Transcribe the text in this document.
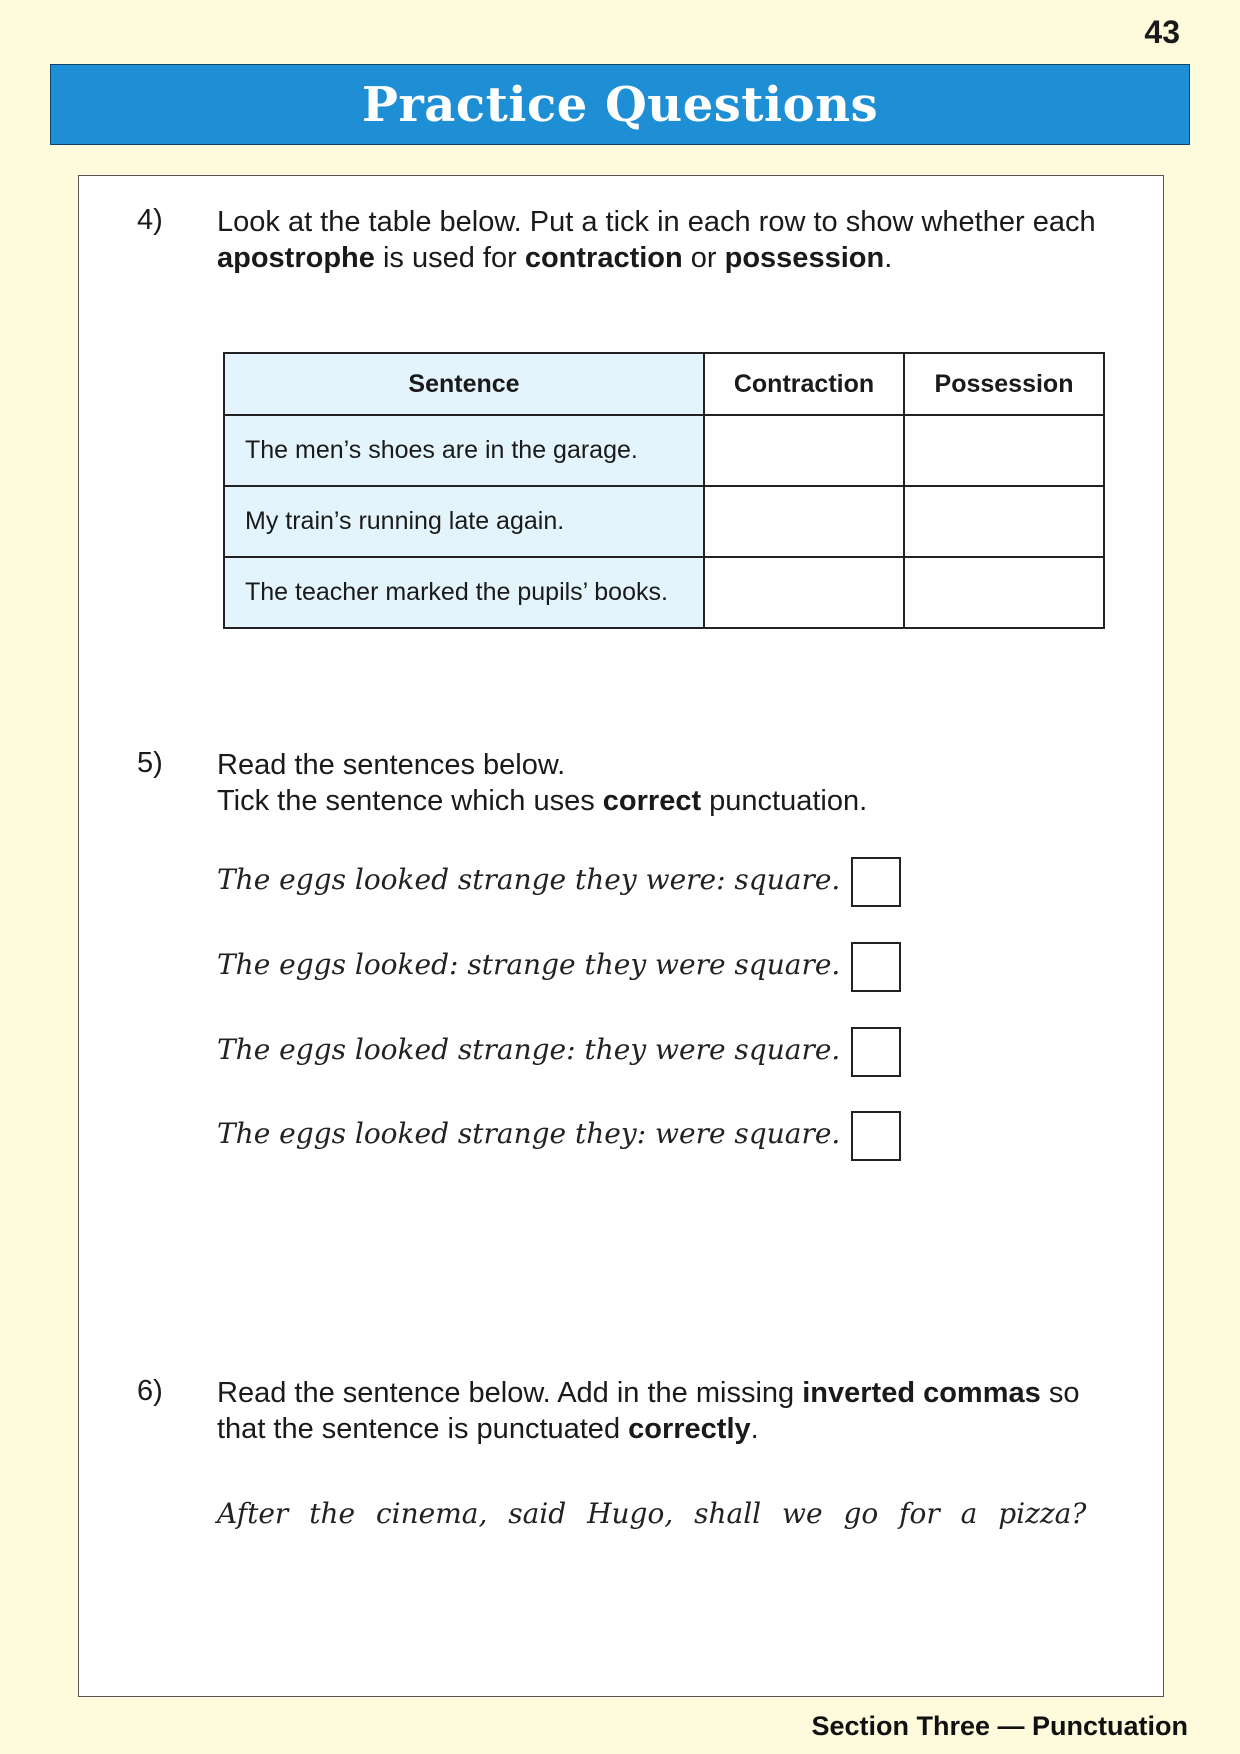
43
Practice Questions
4) Look at the table below. Put a tick in each row to show whether each apostrophe is used for contraction or possession.
Sentence	Contraction	Possession
The men’s shoes are in the garage.		
My train’s running late again.		
The teacher marked the pupils’ books.		
5) Read the sentences below.
Tick the sentence which uses correct punctuation.
The eggs looked strange they were: square.
The eggs looked: strange they were square.
The eggs looked strange: they were square.
The eggs looked strange they: were square.
6) Read the sentence below. Add in the missing inverted commas so that the sentence is punctuated correctly.
After the cinema, said Hugo, shall we go for a pizza?
Section Three — Punctuation
